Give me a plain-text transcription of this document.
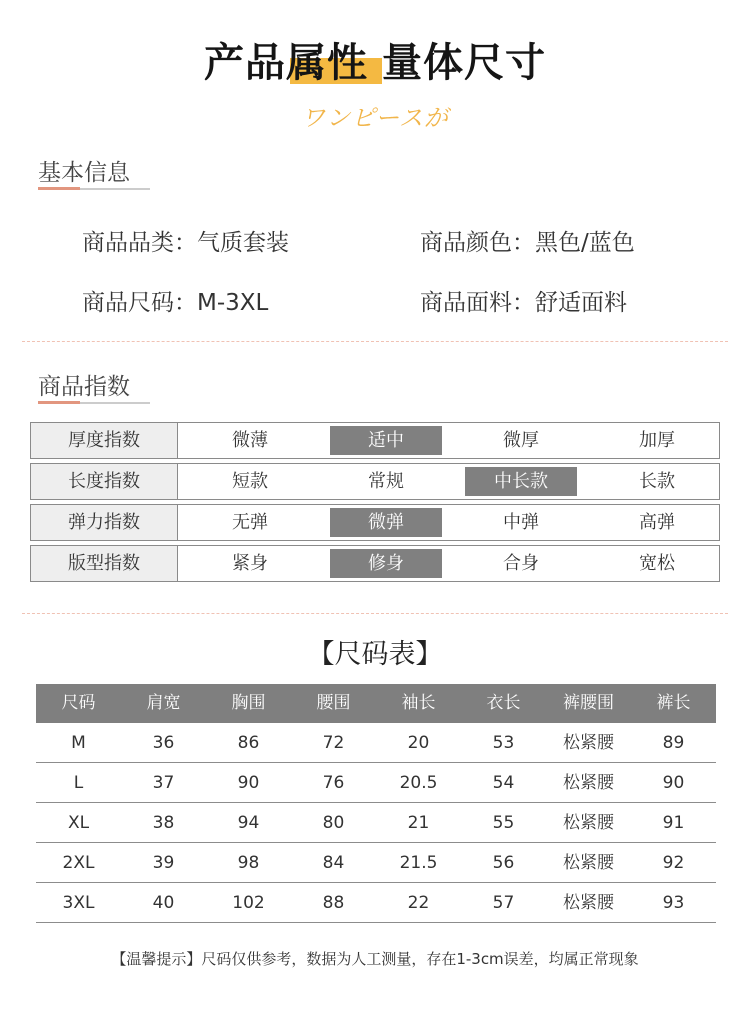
产品属性 量体尺寸
ワンピースが
基本信息
商品品类：气质套装	商品颜色：黑色/蓝色
商品尺码：M-3XL	商品面料：舒适面料
商品指数
厚度指数	微薄	适中	微厚	加厚
长度指数	短款	常规	中长款	长款
弹力指数	无弹	微弹	中弹	高弹
版型指数	紧身	修身	合身	宽松
【尺码表】
尺码	肩宽	胸围	腰围	袖长	衣长	裤腰围	裤长
M	36	86	72	20	53	松紧腰	89
L	37	90	76	20.5	54	松紧腰	90
XL	38	94	80	21	55	松紧腰	91
2XL	39	98	84	21.5	56	松紧腰	92
3XL	40	102	88	22	57	松紧腰	93
【温馨提示】尺码仅供参考，数据为人工测量，存在1-3cm误差，均属正常现象
